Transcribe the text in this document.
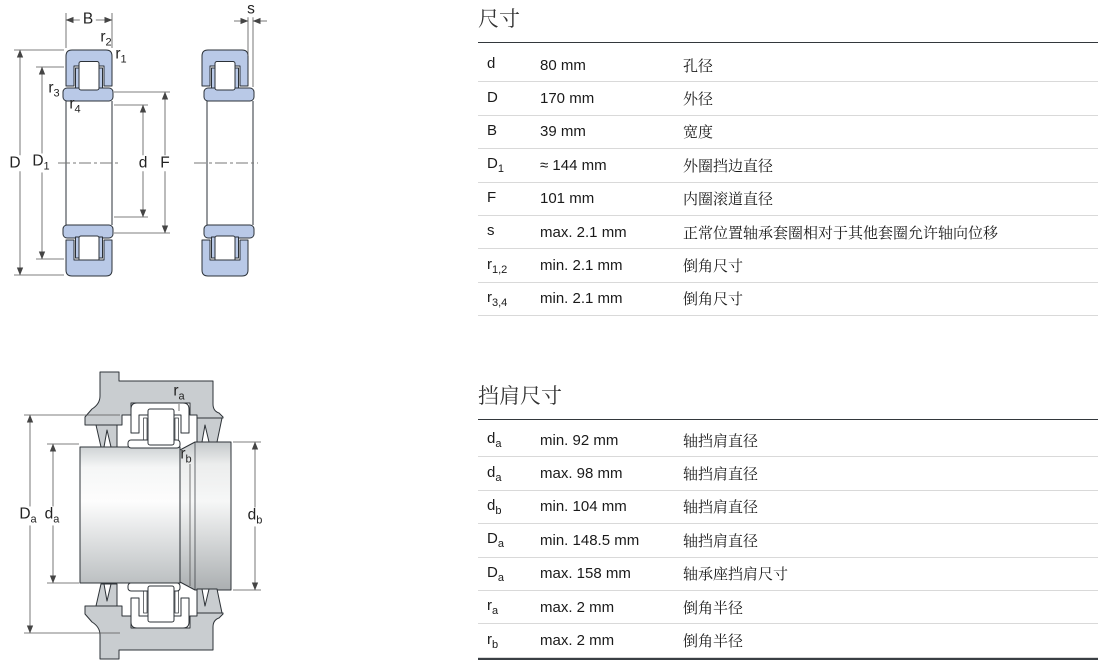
B
s
$r_2$
$r_1$
$r_3$
$r_4$
D $D_1$	d F
$r_a$
$r_b$
$D_a$ $d_a$	$d_b$
尺寸
d	80 mm	孔径
D	170 mm	外径
B	39 mm	宽度
$D_1$	≈ 144 mm	外圈挡边直径
F	101 mm	内圈滚道直径
s	max. 2.1 mm	正常位置轴承套圈相对于其他套圈允许轴向位移
$r_{1,2}$	min. 2.1 mm	倒角尺寸
$r_{3,4}$	min. 2.1 mm	倒角尺寸
挡肩尺寸
$d_a$	min. 92 mm	轴挡肩直径
$d_a$	max. 98 mm	轴挡肩直径
$d_b$	min. 104 mm	轴挡肩直径
$D_a$	min. 148.5 mm	轴挡肩直径
$D_a$	max. 158 mm	轴承座挡肩尺寸
$r_a$	max. 2 mm	倒角半径
$r_b$	max. 2 mm	倒角半径
